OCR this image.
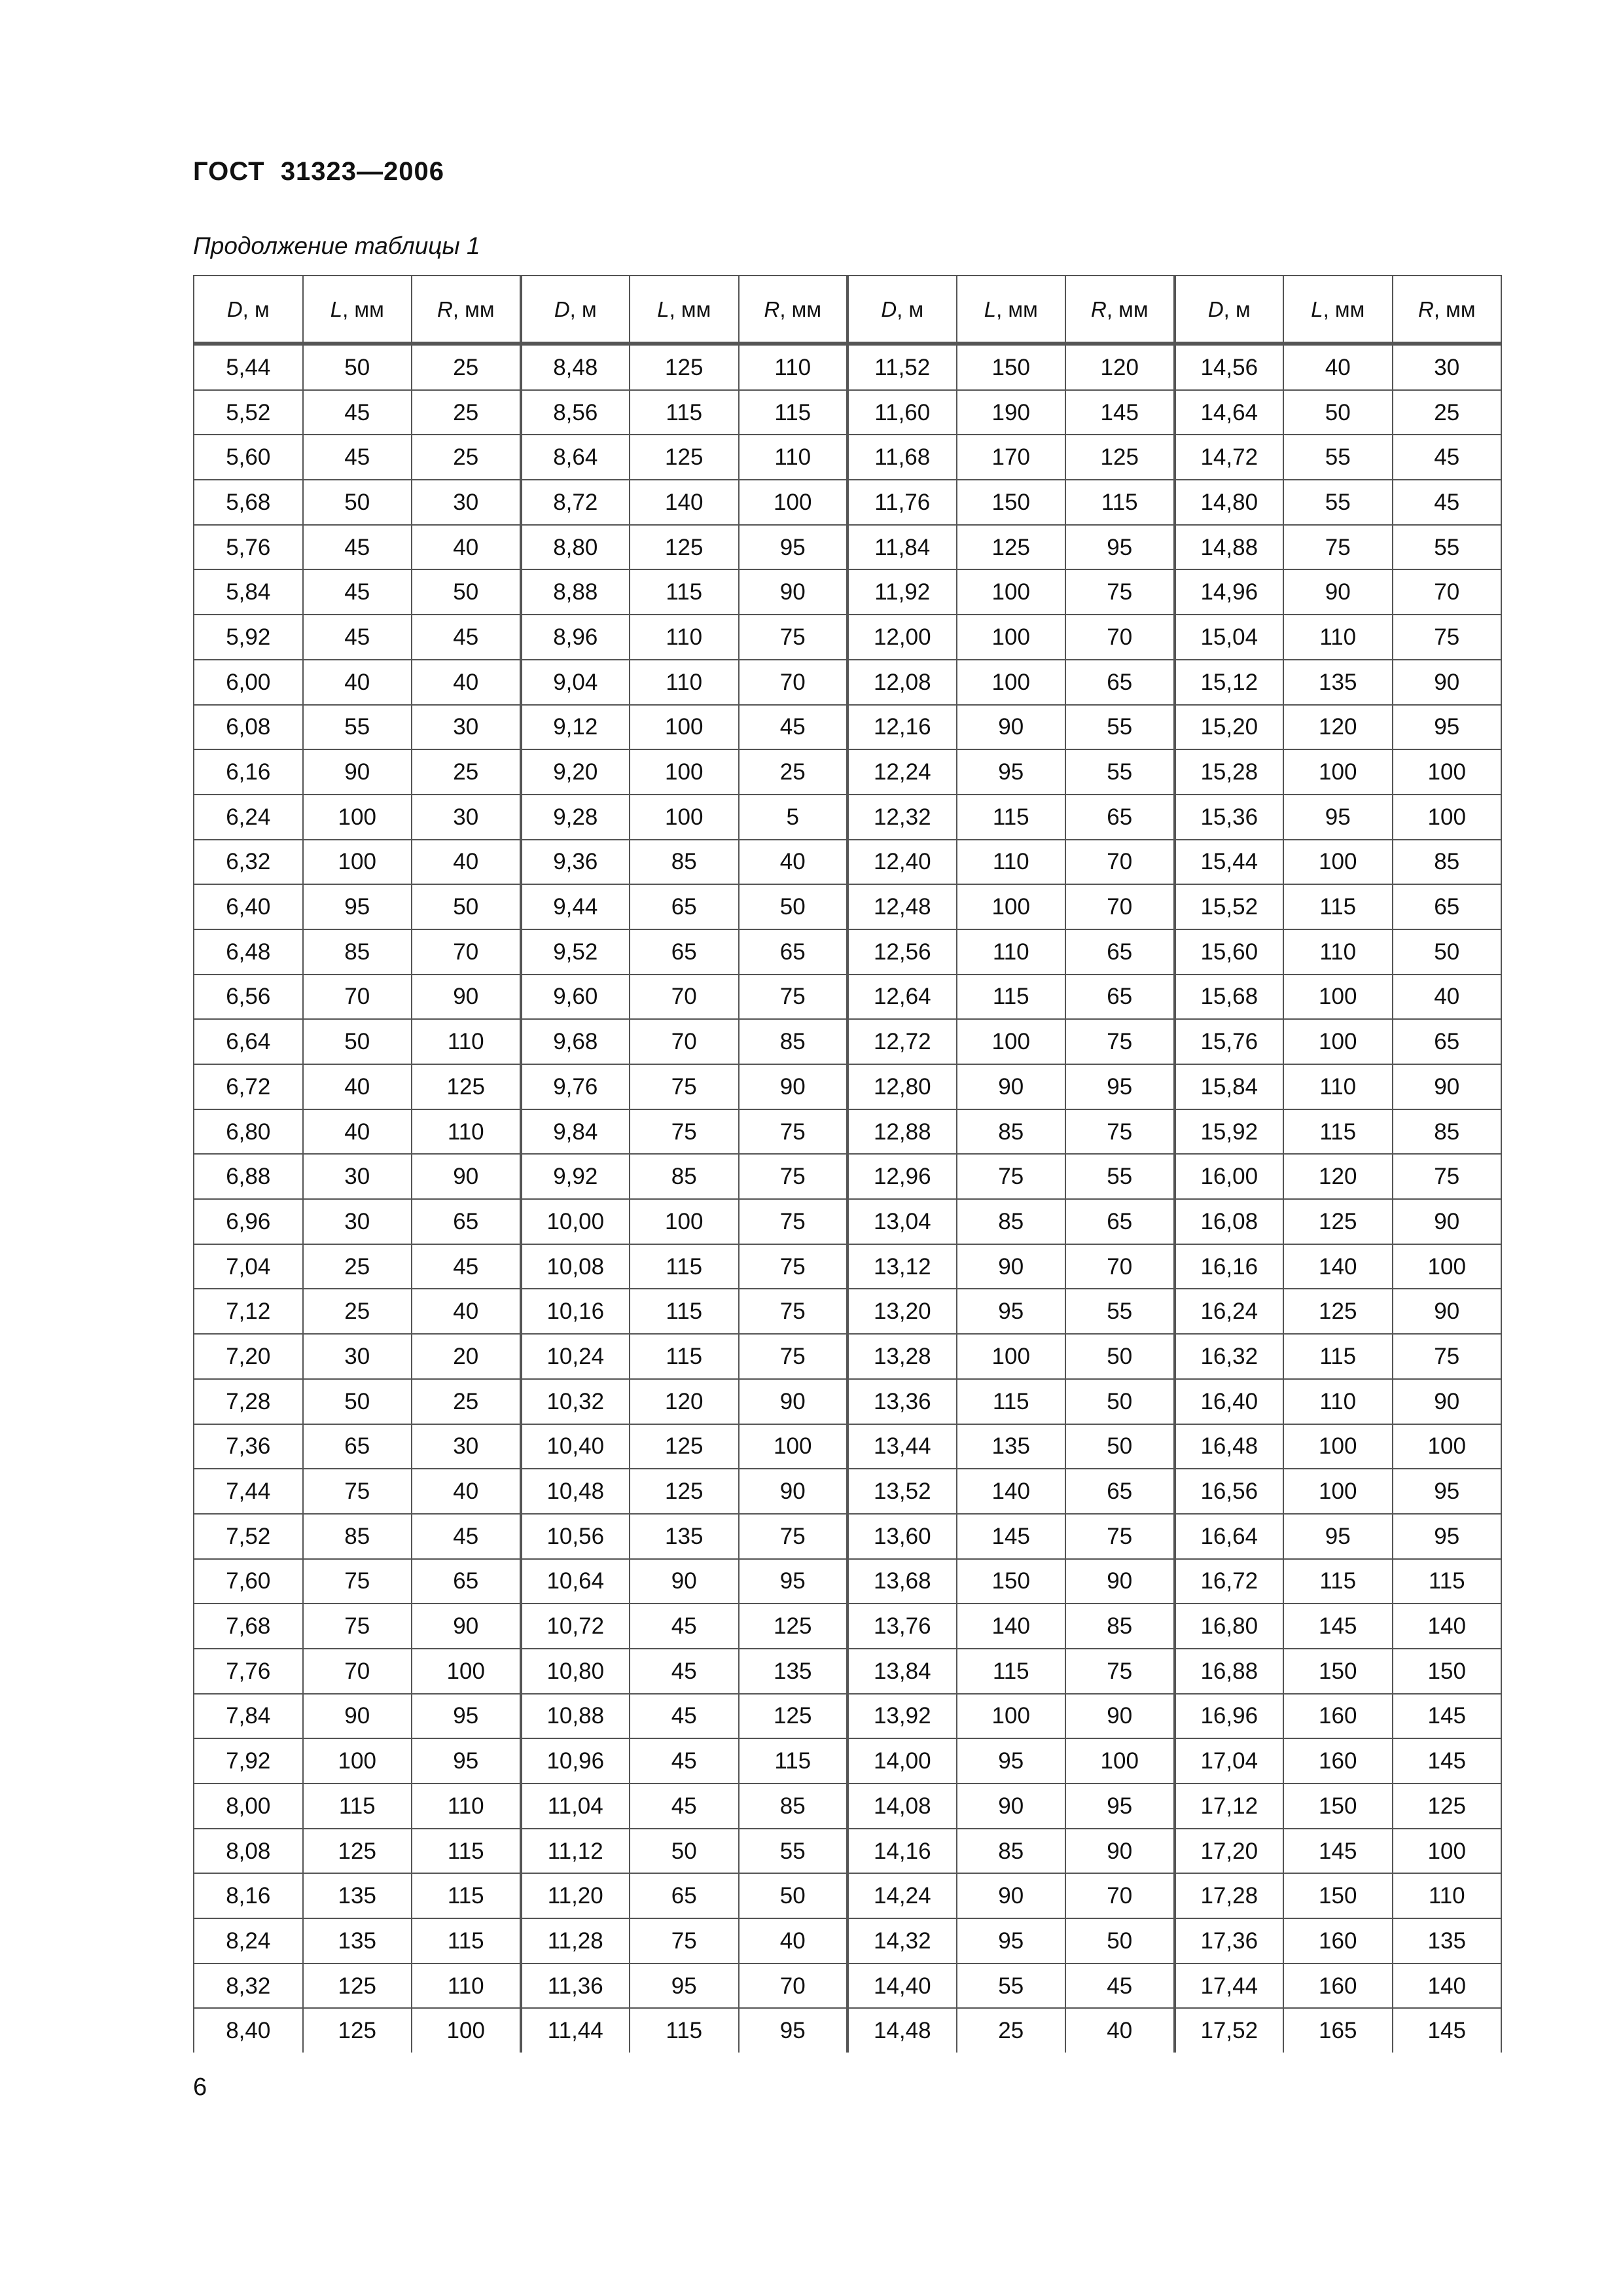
ГОСТ  31323—2006
Продолжение таблицы 1
D, м	L, мм	R, мм	D, м	L, мм	R, мм	D, м	L, мм	R, мм	D, м	L, мм	R, мм
5,44	50	25	8,48	125	110	11,52	150	120	14,56	40	30
5,52	45	25	8,56	115	115	11,60	190	145	14,64	50	25
5,60	45	25	8,64	125	110	11,68	170	125	14,72	55	45
5,68	50	30	8,72	140	100	11,76	150	115	14,80	55	45
5,76	45	40	8,80	125	95	11,84	125	95	14,88	75	55
5,84	45	50	8,88	115	90	11,92	100	75	14,96	90	70
5,92	45	45	8,96	110	75	12,00	100	70	15,04	110	75
6,00	40	40	9,04	110	70	12,08	100	65	15,12	135	90
6,08	55	30	9,12	100	45	12,16	90	55	15,20	120	95
6,16	90	25	9,20	100	25	12,24	95	55	15,28	100	100
6,24	100	30	9,28	100	5	12,32	115	65	15,36	95	100
6,32	100	40	9,36	85	40	12,40	110	70	15,44	100	85
6,40	95	50	9,44	65	50	12,48	100	70	15,52	115	65
6,48	85	70	9,52	65	65	12,56	110	65	15,60	110	50
6,56	70	90	9,60	70	75	12,64	115	65	15,68	100	40
6,64	50	110	9,68	70	85	12,72	100	75	15,76	100	65
6,72	40	125	9,76	75	90	12,80	90	95	15,84	110	90
6,80	40	110	9,84	75	75	12,88	85	75	15,92	115	85
6,88	30	90	9,92	85	75	12,96	75	55	16,00	120	75
6,96	30	65	10,00	100	75	13,04	85	65	16,08	125	90
7,04	25	45	10,08	115	75	13,12	90	70	16,16	140	100
7,12	25	40	10,16	115	75	13,20	95	55	16,24	125	90
7,20	30	20	10,24	115	75	13,28	100	50	16,32	115	75
7,28	50	25	10,32	120	90	13,36	115	50	16,40	110	90
7,36	65	30	10,40	125	100	13,44	135	50	16,48	100	100
7,44	75	40	10,48	125	90	13,52	140	65	16,56	100	95
7,52	85	45	10,56	135	75	13,60	145	75	16,64	95	95
7,60	75	65	10,64	90	95	13,68	150	90	16,72	115	115
7,68	75	90	10,72	45	125	13,76	140	85	16,80	145	140
7,76	70	100	10,80	45	135	13,84	115	75	16,88	150	150
7,84	90	95	10,88	45	125	13,92	100	90	16,96	160	145
7,92	100	95	10,96	45	115	14,00	95	100	17,04	160	145
8,00	115	110	11,04	45	85	14,08	90	95	17,12	150	125
8,08	125	115	11,12	50	55	14,16	85	90	17,20	145	100
8,16	135	115	11,20	65	50	14,24	90	70	17,28	150	110
8,24	135	115	11,28	75	40	14,32	95	50	17,36	160	135
8,32	125	110	11,36	95	70	14,40	55	45	17,44	160	140
8,40	125	100	11,44	115	95	14,48	25	40	17,52	165	145
6
